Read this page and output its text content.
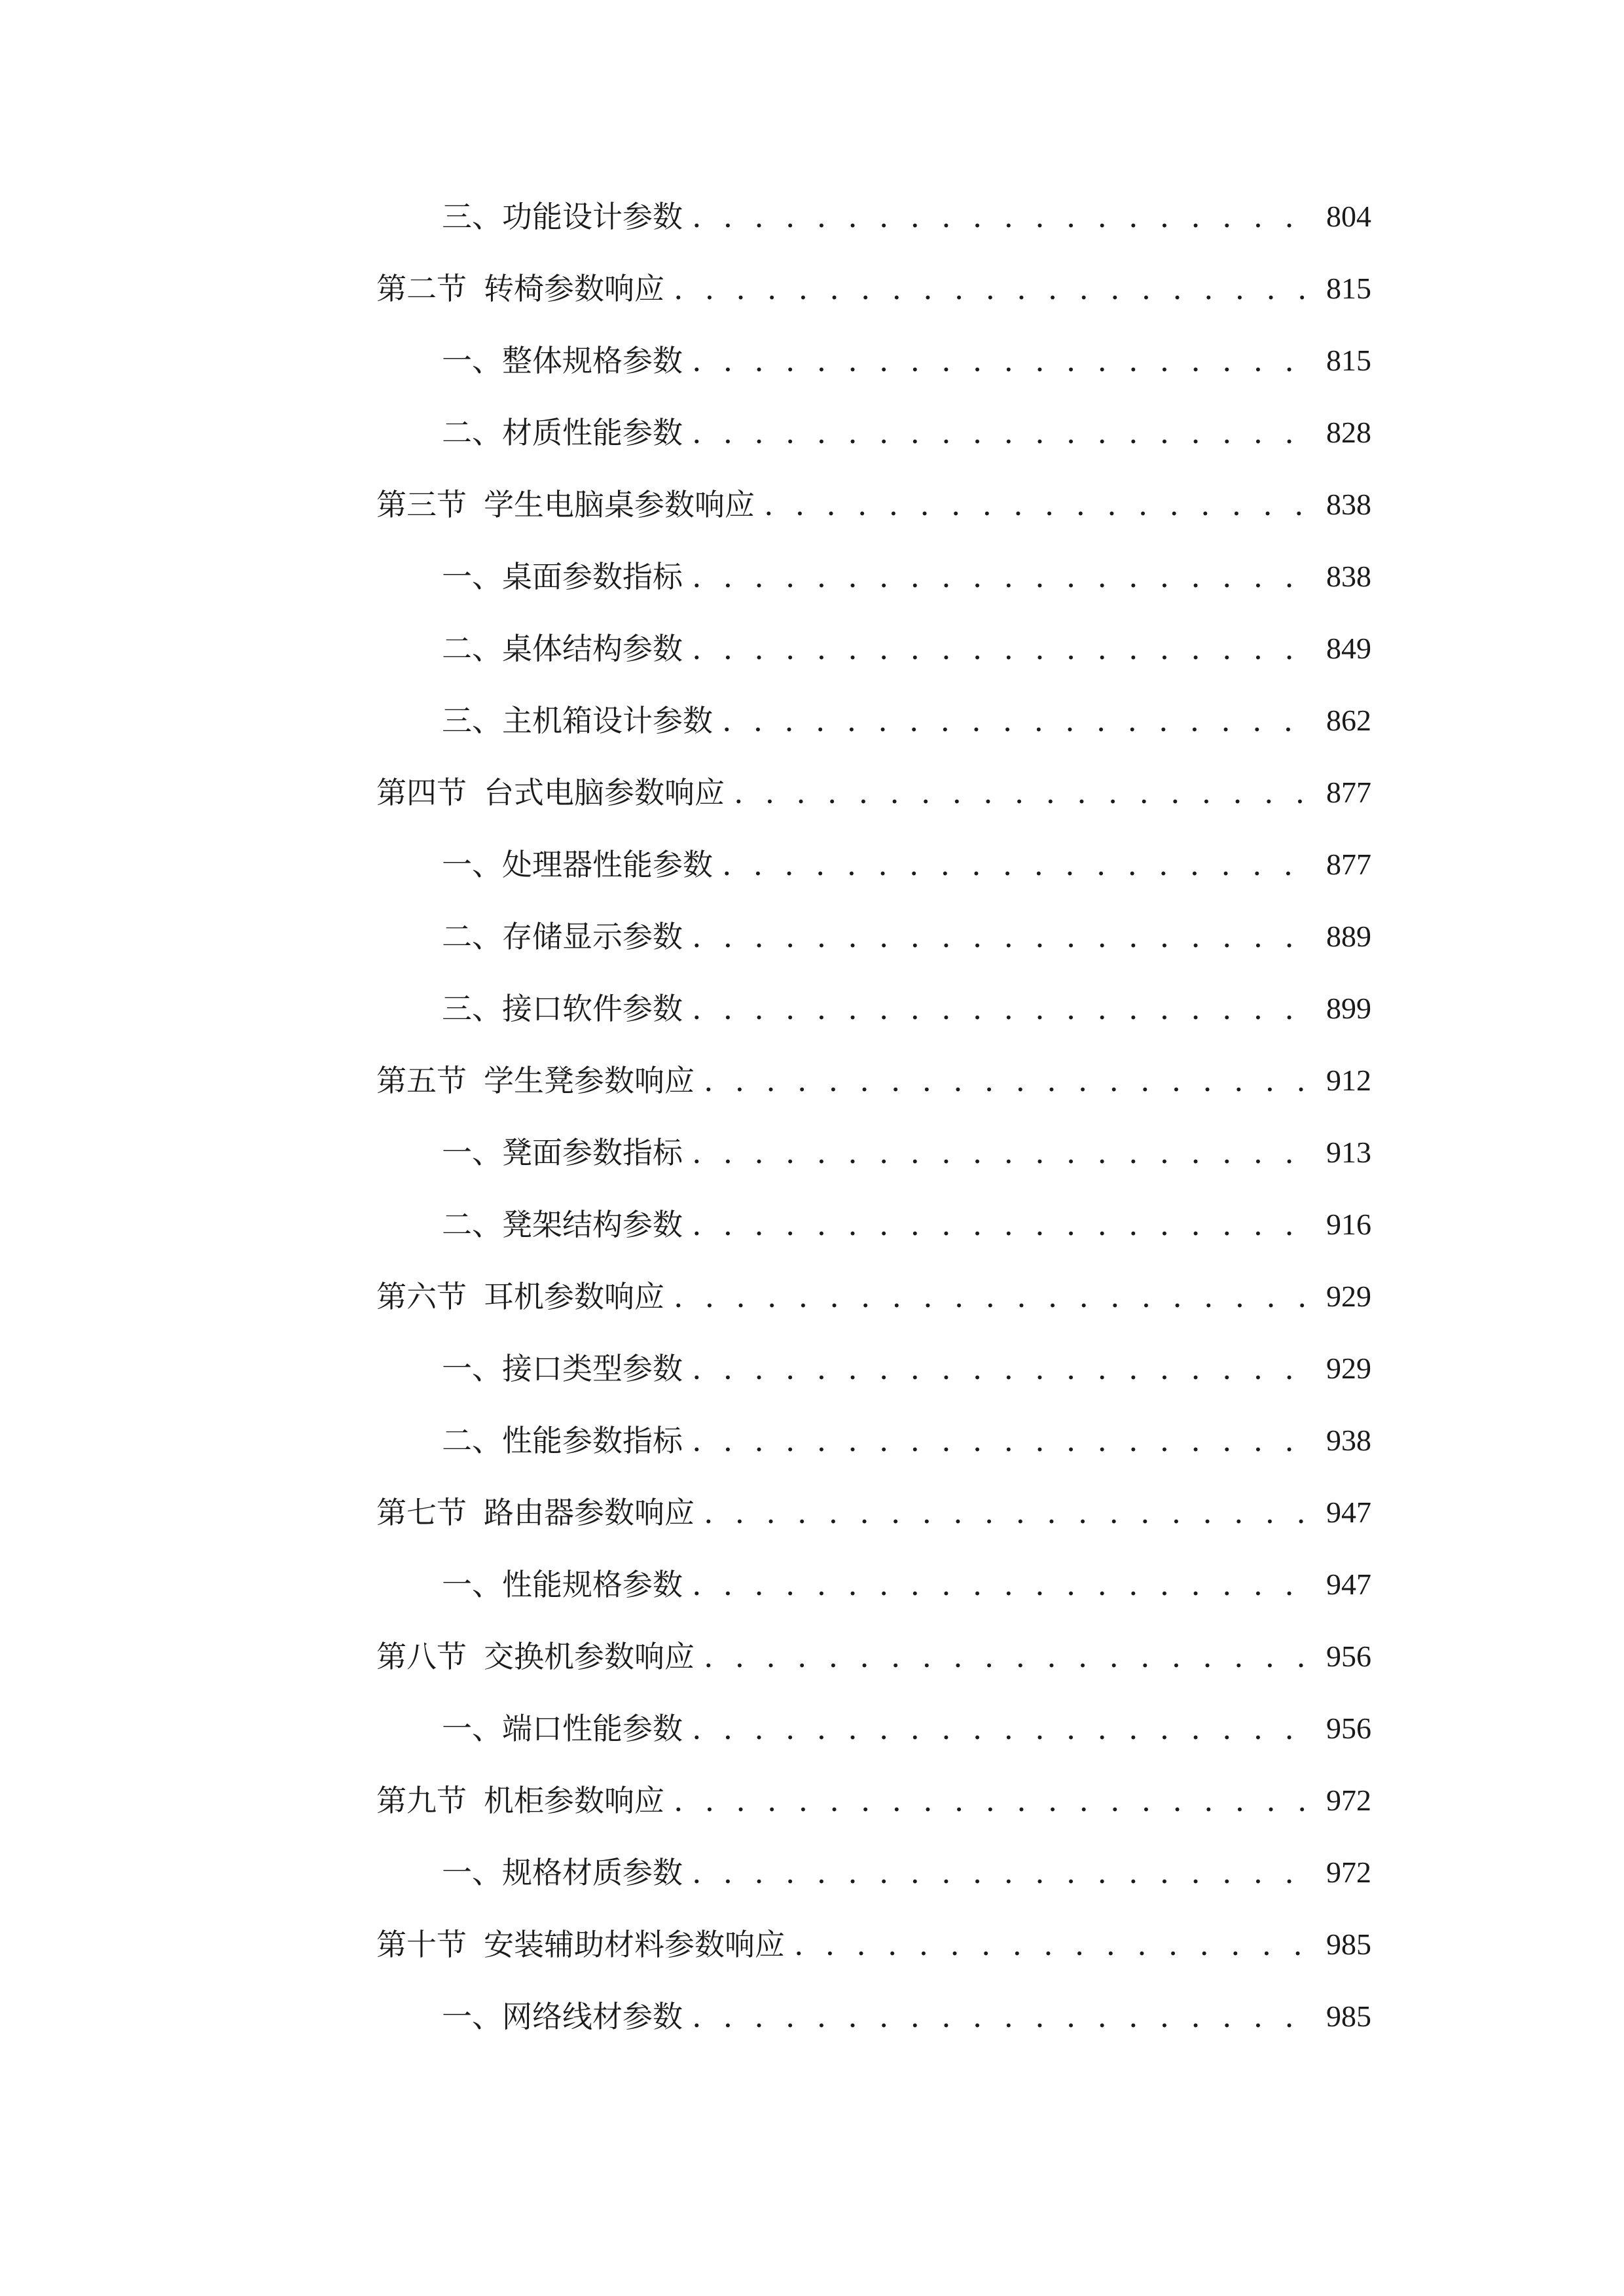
三、 功能设计参数 . . .	804
第二节 转椅参数响应 . . .	815
一、 整体规格参数 . . .	815
二、 材质性能参数 . . .	828
第三节 学生电脑桌参数响应 . . .	838
一、 桌面参数指标 . . .	838
二、 桌体结构参数 . . .	849
三、 主机箱设计参数 . . .	862
第四节 台式电脑参数响应 . . .	877
一、 处理器性能参数 . . .	877
二、 存储显示参数 . . .	889
三、 接口软件参数 . . .	899
第五节 学生凳参数响应 . . .	912
一、 凳面参数指标 . . .	913
二、 凳架结构参数 . . .	916
第六节 耳机参数响应 . . .	929
一、 接口类型参数 . . .	929
二、 性能参数指标 . . .	938
第七节 路由器参数响应 . . .	947
一、 性能规格参数 . . .	947
第八节 交换机参数响应 . . .	956
一、 端口性能参数 . . .	956
第九节 机柜参数响应 . . .	972
一、 规格材质参数 . . .	972
第十节 安装辅助材料参数响应 . . .	985
一、 网络线材参数 . . .	985
